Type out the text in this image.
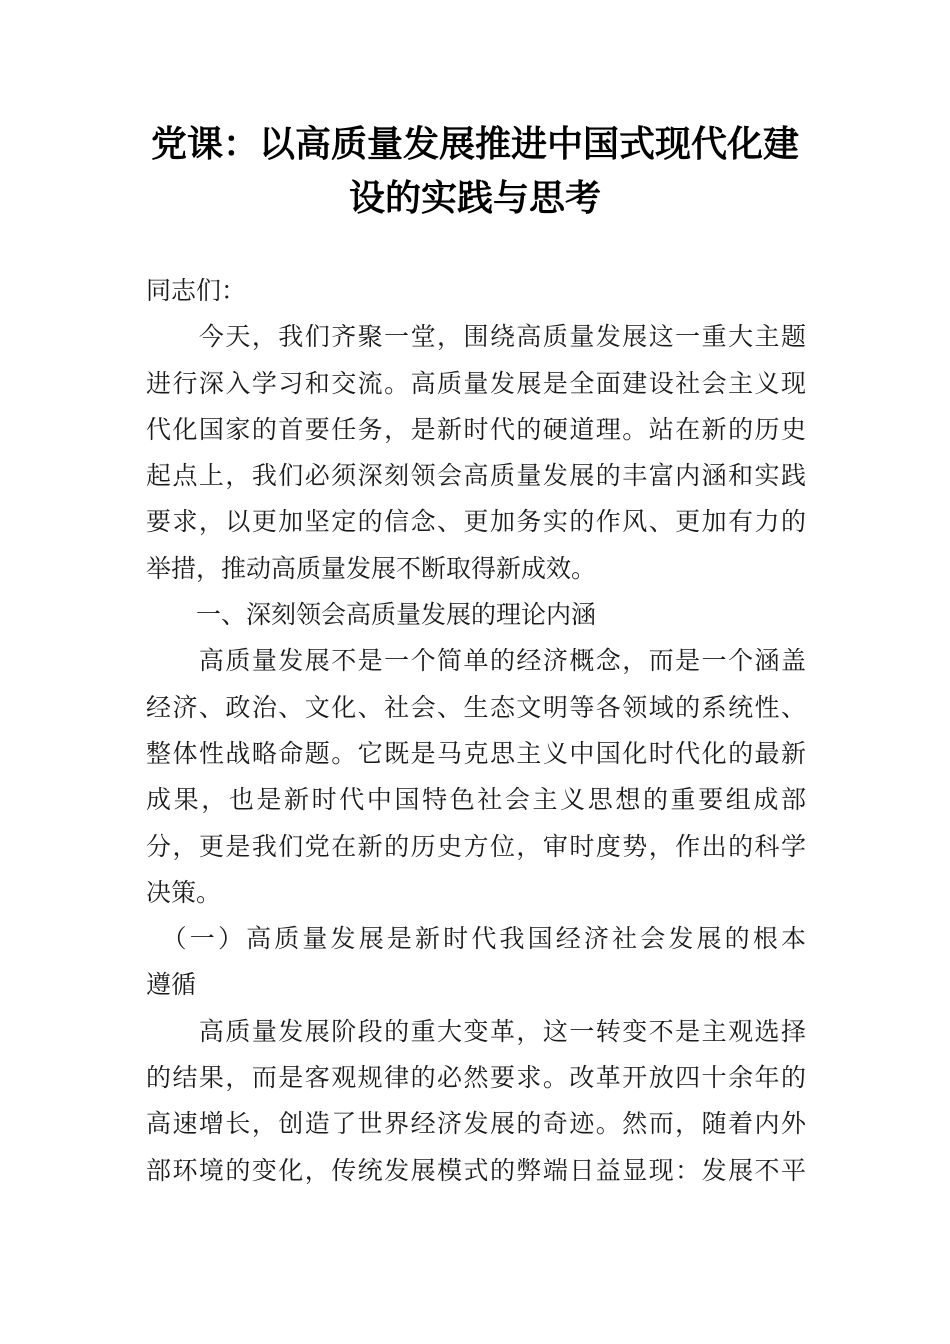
党课：以高质量发展推进中国式现代化建
设的实践与思考
同志们：
　　今天，我们齐聚一堂，围绕高质量发展这一重大主题
进行深入学习和交流。高质量发展是全面建设社会主义现
代化国家的首要任务，是新时代的硬道理。站在新的历史
起点上，我们必须深刻领会高质量发展的丰富内涵和实践
要求，以更加坚定的信念、更加务实的作风、更加有力的
举措，推动高质量发展不断取得新成效。
　　一、深刻领会高质量发展的理论内涵
　　高质量发展不是一个简单的经济概念，而是一个涵盖
经济、政治、文化、社会、生态文明等各领域的系统性、
整体性战略命题。它既是马克思主义中国化时代化的最新
成果，也是新时代中国特色社会主义思想的重要组成部
分，更是我们党在新的历史方位，审时度势，作出的科学
决策。
　（一）高质量发展是新时代我国经济社会发展的根本
遵循
　　高质量发展阶段的重大变革，这一转变不是主观选择
的结果，而是客观规律的必然要求。改革开放四十余年的
高速增长，创造了世界经济发展的奇迹。然而，随着内外
部环境的变化，传统发展模式的弊端日益显现：发展不平
